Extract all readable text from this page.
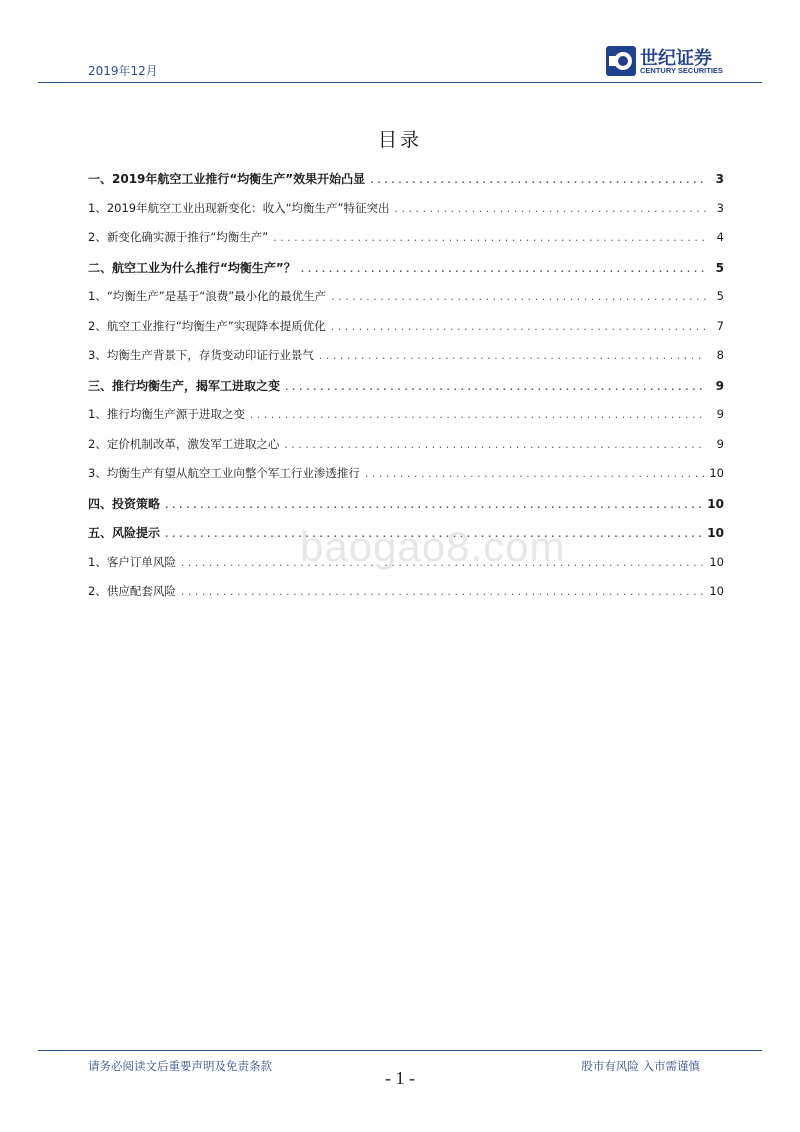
2019年12月
世纪证券
CENTURY SECURITIES
目录
一、2019年航空工业推行“均衡生产”效果开始凸显 .....	3
1、2019年航空工业出现新变化：收入“均衡生产”特征突出 .....	3
2、新变化确实源于推行“均衡生产” .....	4
二、航空工业为什么推行“均衡生产”？ .....	5
1、“均衡生产”是基于“浪费”最小化的最优生产 .....	5
2、航空工业推行“均衡生产”实现降本提质优化 .....	7
3、均衡生产背景下，存货变动印证行业景气 .....	8
三、推行均衡生产，揭军工进取之变 .....	9
1、推行均衡生产源于进取之变 .....	9
2、定价机制改革，激发军工进取之心 .....	9
3、均衡生产有望从航空工业向整个军工行业渗透推行 .....	10
四、投资策略 .....	10
五、风险提示 .....	10
1、客户订单风险 .....	10
2、供应配套风险 .....	10
baogao8.com
请务必阅读文后重要声明及免责条款	股市有风险 入市需谨慎
- 1 -
